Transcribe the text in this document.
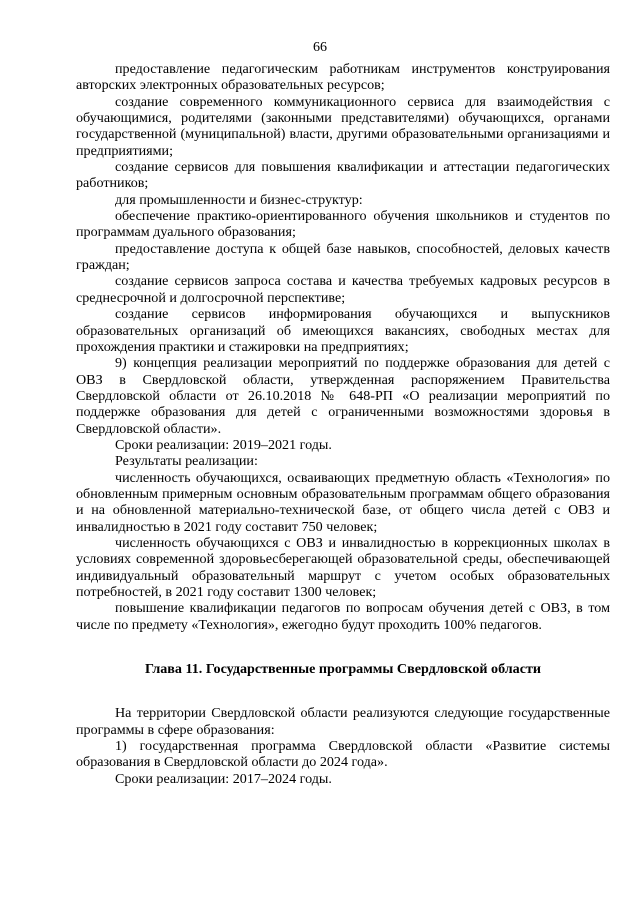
66

предоставление педагогическим работникам инструментов конструирования авторских электронных образовательных ресурсов;

создание современного коммуникационного сервиса для взаимодействия с обучающимися, родителями (законными представителями) обучающихся, органами государственной (муниципальной) власти, другими образовательными организациями и предприятиями;

создание сервисов для повышения квалификации и аттестации педагогических работников;

для промышленности и бизнес-структур:

обеспечение практико-ориентированного обучения школьников и студентов по программам дуального образования;

предоставление доступа к общей базе навыков, способностей, деловых качеств граждан;

создание сервисов запроса состава и качества требуемых кадровых ресурсов в среднесрочной и долгосрочной перспективе;

создание сервисов информирования обучающихся и выпускников образовательных организаций об имеющихся вакансиях, свободных местах для прохождения практики и стажировки на предприятиях;

9) концепция реализации мероприятий по поддержке образования для детей с ОВЗ в Свердловской области, утвержденная распоряжением Правительства Свердловской области от 26.10.2018 № 648-РП «О реализации мероприятий по поддержке образования для детей с ограниченными возможностями здоровья в Свердловской области».

Сроки реализации: 2019–2021 годы.

Результаты реализации:

численность обучающихся, осваивающих предметную область «Технология» по обновленным примерным основным образовательным программам общего образования и на обновленной материально-технической базе, от общего числа детей с ОВЗ и инвалидностью в 2021 году составит 750 человек;

численность обучающихся с ОВЗ и инвалидностью в коррекционных школах в условиях современной здоровьесберегающей образовательной среды, обеспечивающей индивидуальный образовательный маршрут с учетом особых образовательных потребностей, в 2021 году составит 1300 человек;

повышение квалификации педагогов по вопросам обучения детей с ОВЗ, в том числе по предмету «Технология», ежегодно будут проходить 100% педагогов.

Глава 11. Государственные программы Свердловской области

На территории Свердловской области реализуются следующие государственные программы в сфере образования:

1) государственная программа Свердловской области «Развитие системы образования в Свердловской области до 2024 года».

Сроки реализации: 2017–2024 годы.
